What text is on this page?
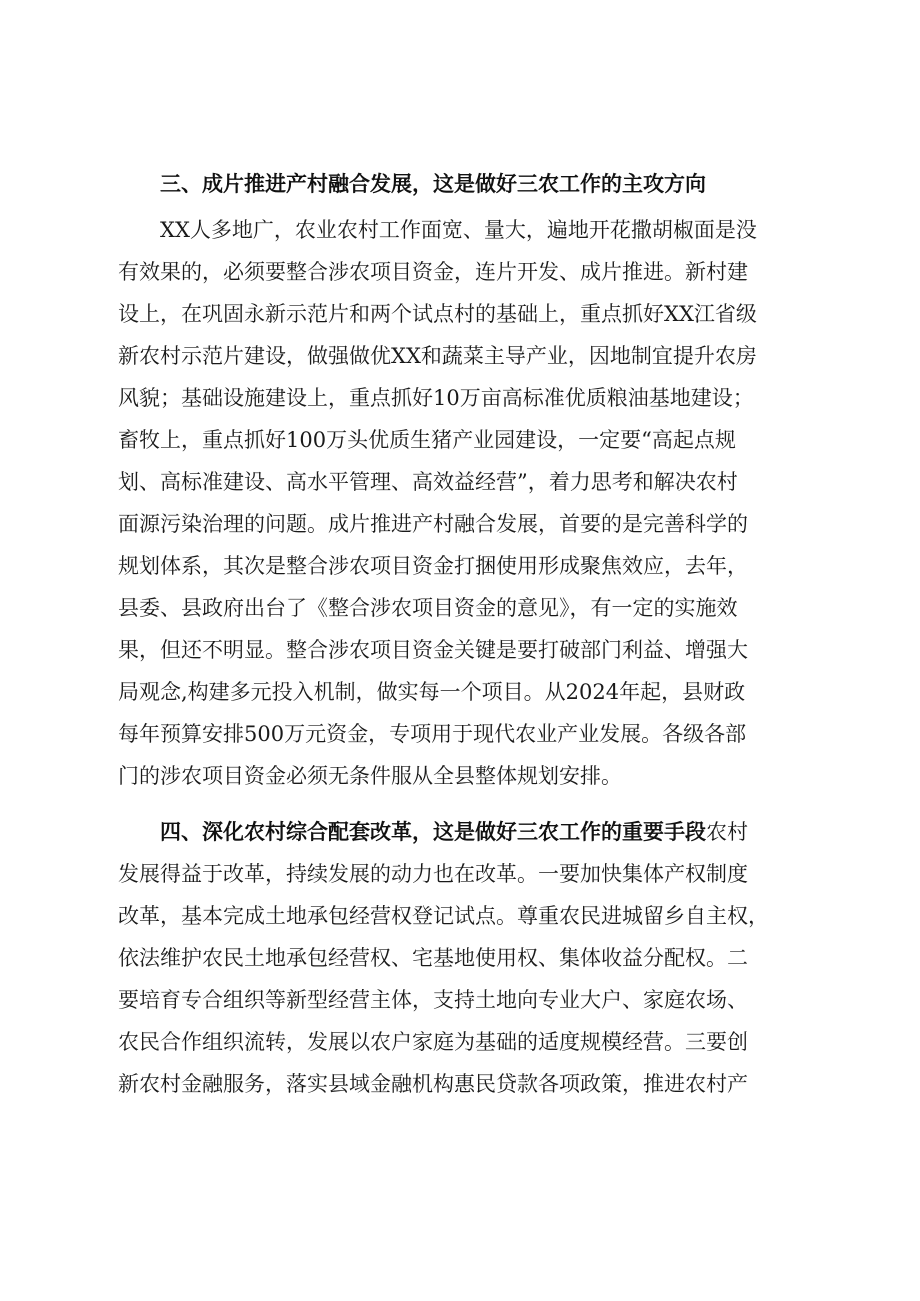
三、成片推进产村融合发展，这是做好三农工作的主攻方向
XX人多地广，农业农村工作面宽、量大，遍地开花撒胡椒面是没
有效果的，必须要整合涉农项目资金，连片开发、成片推进。新村建
设上，在巩固永新示范片和两个试点村的基础上，重点抓好XX江省级
新农村示范片建设，做强做优XX和蔬菜主导产业，因地制宜提升农房
风貌；基础设施建设上，重点抓好10万亩高标准优质粮油基地建设；
畜牧上，重点抓好100万头优质生猪产业园建设，一定要“高起点规
划、高标准建设、高水平管理、高效益经营”，着力思考和解决农村
面源污染治理的问题。成片推进产村融合发展，首要的是完善科学的
规划体系，其次是整合涉农项目资金打捆使用形成聚焦效应，去年，
县委、县政府出台了《整合涉农项目资金的意见》，有一定的实施效
果，但还不明显。整合涉农项目资金关键是要打破部门利益、增强大
局观念,构建多元投入机制，做实每一个项目。从2024年起，县财政
每年预算安排500万元资金，专项用于现代农业产业发展。各级各部
门的涉农项目资金必须无条件服从全县整体规划安排。
四、深化农村综合配套改革，这是做好三农工作的重要手段农村
发展得益于改革，持续发展的动力也在改革。一要加快集体产权制度
改革，基本完成土地承包经营权登记试点。尊重农民进城留乡自主权，
依法维护农民土地承包经营权、宅基地使用权、集体收益分配权。二
要培育专合组织等新型经营主体，支持土地向专业大户、家庭农场、
农民合作组织流转，发展以农户家庭为基础的适度规模经营。三要创
新农村金融服务，落实县域金融机构惠民贷款各项政策，推进农村产
